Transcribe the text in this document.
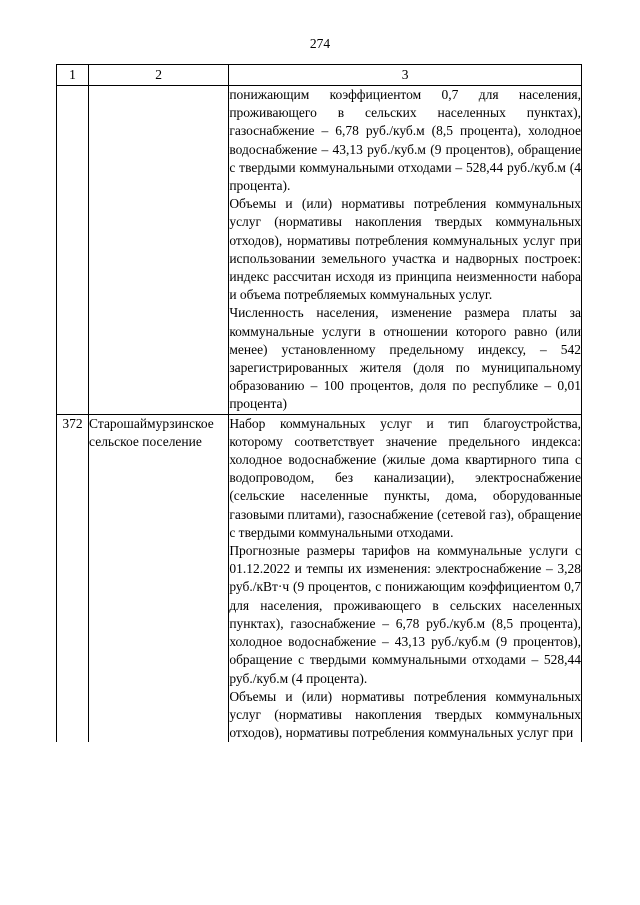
274
1	2	3

		понижающим коэффициентом 0,7 для населения, проживающего в сельских населенных пунктах), газоснабжение – 6,78 руб./куб.м (8,5 процента), холодное водоснабжение – 43,13 руб./куб.м (9 процентов), обращение с твердыми коммунальными отходами – 528,44 руб./куб.м (4 процента).

Объемы и (или) нормативы потребления коммунальных услуг (нормативы накопления твердых коммунальных отходов), нормативы потребления коммунальных услуг при использовании земельного участка и надворных построек: индекс рассчитан исходя из принципа неизменности набора и объема потребляемых коммунальных услуг.

Численность населения, изменение размера платы за коммунальные услуги в отношении которого равно (или менее) установленному предельному индексу, – 542 зарегистрированных жителя (доля по муниципальному образованию – 100 процентов, доля по республике – 0,01 процента)

372	Старошаймурзинское сельское поселение	Набор коммунальных услуг и тип благоустройства, которому соответствует значение предельного индекса: холодное водоснабжение (жилые дома квартирного типа с водопроводом, без канализации), электроснабжение (сельские населенные пункты, дома, оборудованные газовыми плитами), газоснабжение (сетевой газ), обращение с твердыми коммунальными отходами.

Прогнозные размеры тарифов на коммунальные услуги с 01.12.2022 и темпы их изменения: электроснабжение – 3,28 руб./кВт·ч (9 процентов, с понижающим коэффициентом 0,7 для населения, проживающего в сельских населенных пунктах), газоснабжение – 6,78 руб./куб.м (8,5 процента), холодное водоснабжение – 43,13 руб./куб.м (9 процентов), обращение с твердыми коммунальными отходами – 528,44 руб./куб.м (4 процента).

Объемы и (или) нормативы потребления коммунальных услуг (нормативы накопления твердых коммунальных отходов), нормативы потребления коммунальных услуг при
